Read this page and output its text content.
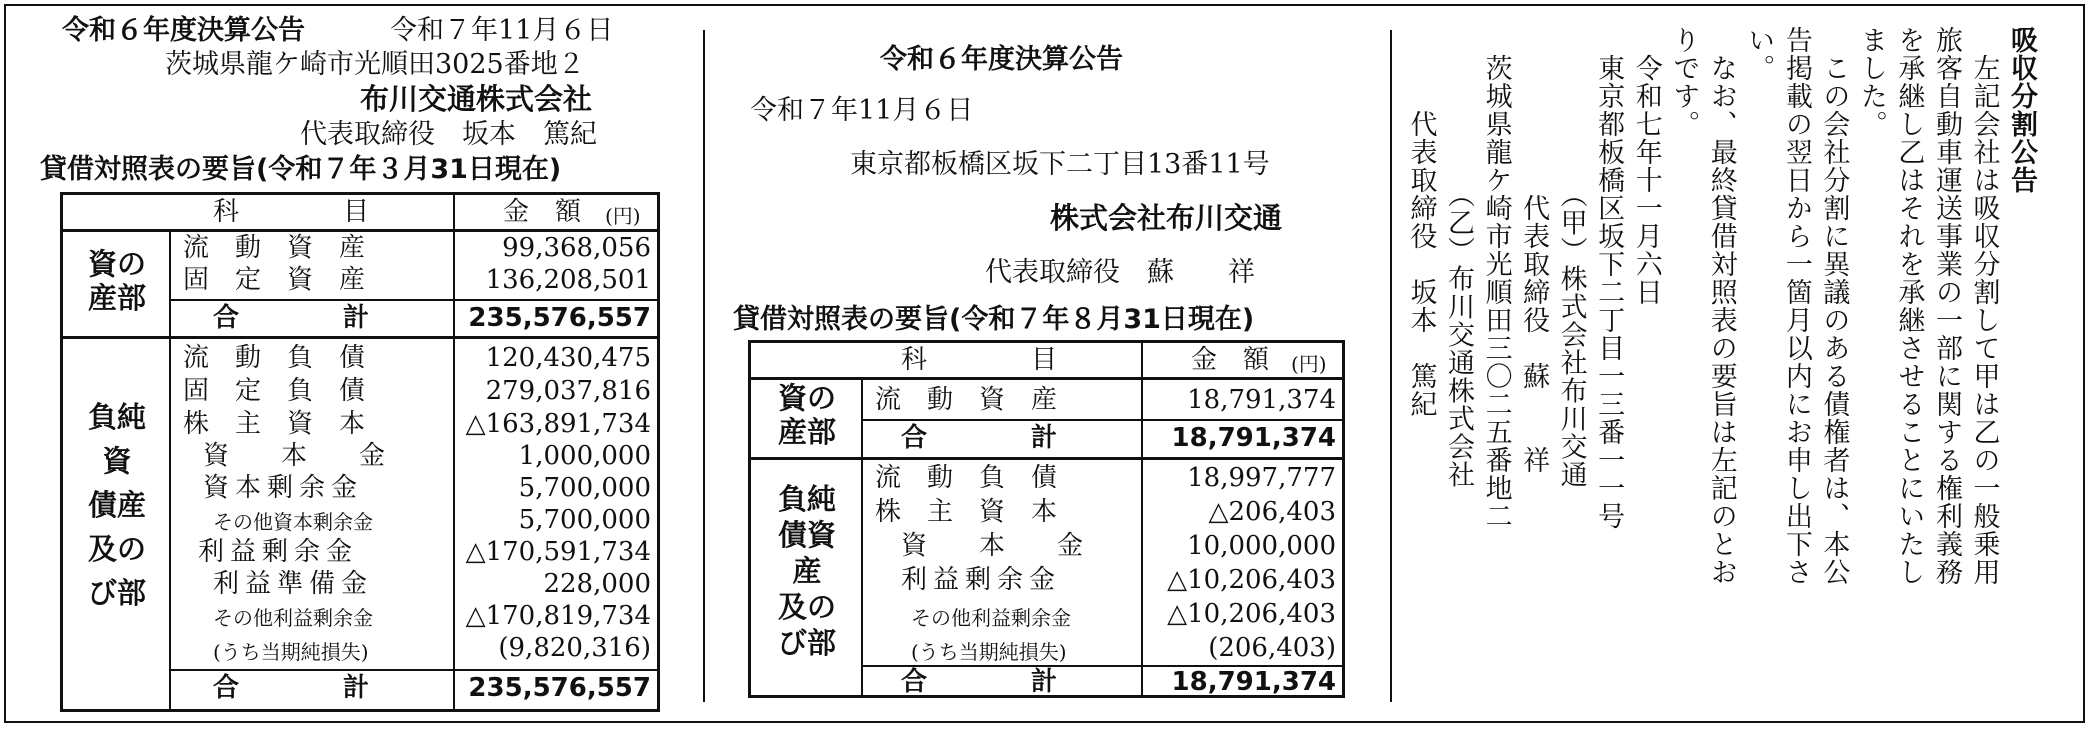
令和６年度決算公告	令和７年11月６日
茨城県龍ケ崎市光順田3025番地２
布川交通株式会社
代表取締役　坂本　篤紀
貸借対照表の要旨(令和７年３月31日現在)
科　　　　目	金　額 (円)
資の
産部
流　動　資　産	99,368,056
固　定　資　産	136,208,501
合　　　　計	235,576,557
負純
資
債産
及の
び部
流　動　負　債	120,430,475
固　定　負　債	279,037,816
株　主　資　本	△163,891,734
資　　本　　金	1,000,000
資本剰余金	5,700,000
その他資本剰余金	5,700,000
利益剰余金	△170,591,734
利益準備金	228,000
その他利益剰余金	△170,819,734
(うち当期純損失)	(9,820,316)
合　　　　計	235,576,557
令和６年度決算公告
令和７年11月６日
東京都板橋区坂下二丁目13番11号
株式会社布川交通
代表取締役　蘇　　祥
貸借対照表の要旨(令和７年８月31日現在)
科　　　　目	金　額 (円)
資の
産部
流　動　資　産	18,791,374
合　　　　計	18,791,374
負純
債資
産
及の
び部
流　動　負　債	18,997,777
株　主　資　本	△206,403
資　　本　　金	10,000,000
利益剰余金	△10,206,403
その他利益剰余金	△10,206,403
(うち当期純損失)	(206,403)
合　　　　計	18,791,374
吸収分割公告
　左記会社は吸収分割して甲は乙の一般乗用
旅客自動車運送事業の一部に関する権利義務
を承継し乙はそれを承継させることにいたし
ました。
　この会社分割に異議のある債権者は、本公
告掲載の翌日から一箇月以内にお申し出下さ
い。
　なお、最終貸借対照表の要旨は左記のとお
りです。
　令和七年十一月六日
　東京都板橋区坂下二丁目一三番一一号
　　　　　　（甲）株式会社布川交通
　　　　　　代表取締役　蘇　　祥
　茨城県龍ケ崎市光順田三〇二五番地二
　　　　　　（乙）布川交通株式会社
　　　代表取締役　坂本　篤紀
